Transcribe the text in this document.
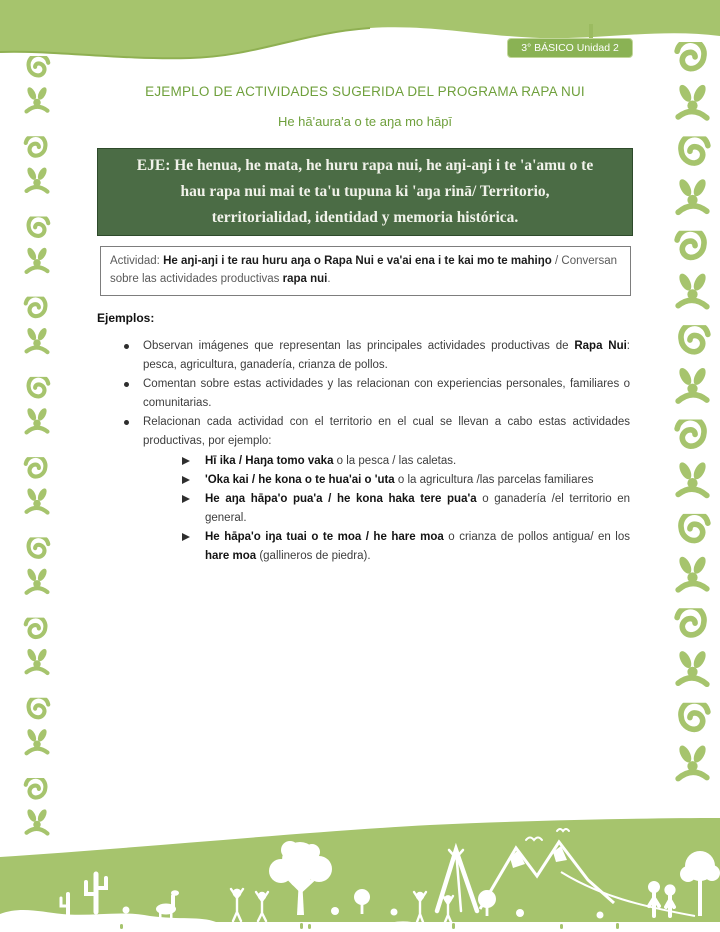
3° BÁSICO Unidad 2
EJEMPLO DE ACTIVIDADES SUGERIDA DEL PROGRAMA RAPA NUI
He hā'aura'a o te aŋa mo hāpī
EJE: He henua, he mata, he huru rapa nui, he aŋi-aŋi i te 'a'amu o te
hau rapa nui mai te ta'u tupuna ki 'aŋa rinā/ Territorio,
territorialidad, identidad y memoria histórica.
Actividad: He aŋi-aŋi i te rau huru aŋa o Rapa Nui e va'ai ena i te kai mo te mahiŋo / Conversan sobre las actividades productivas rapa nui.
Ejemplos:
Observan imágenes que representan las principales actividades productivas de Rapa Nui: pesca, agricultura, ganadería, crianza de pollos.
Comentan sobre estas actividades y las relacionan con experiencias personales, familiares o comunitarias.
Relacionan cada actividad con el territorio en el cual se llevan a cabo estas actividades productivas, por ejemplo:
Hī ika / Haŋa tomo vaka o la pesca / las caletas.
'Oka kai / he kona o te hua'ai o 'uta o la agricultura /las parcelas familiares
He aŋa hāpa'o pua'a / he kona haka tere pua'a o ganadería /el territorio en general.
He hāpa'o iŋa tuai o te moa / he hare moa o crianza de pollos antigua/ en los hare moa (gallineros de piedra).
